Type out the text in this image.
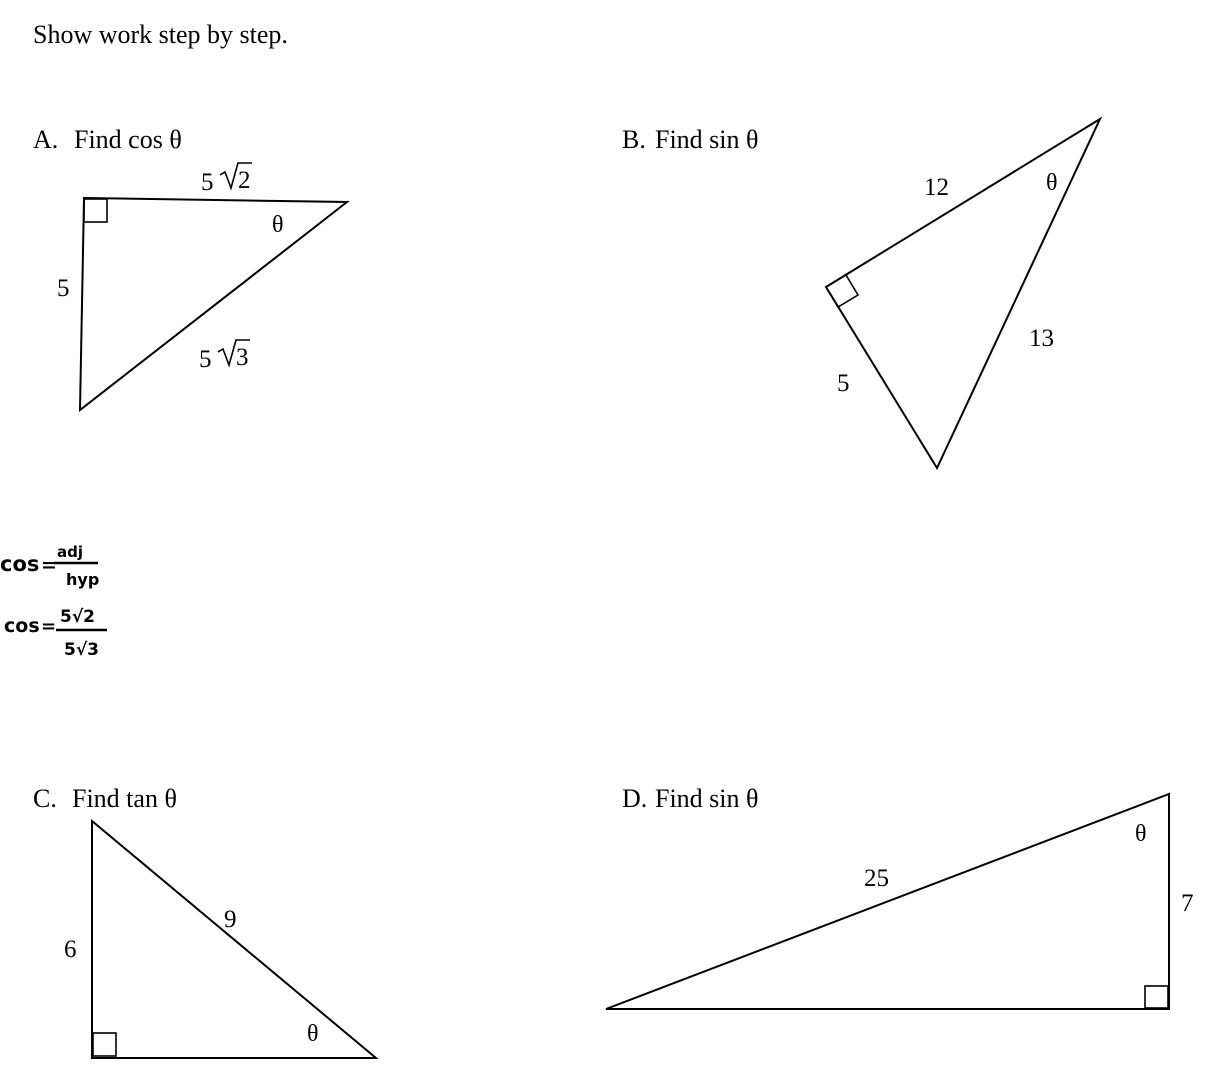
Show work step by step.
A. Find cos θ
5 2
θ
5
5 3
B. Find sin θ
12	θ
13
5
cos =
adj
hyp
cos = 5√2
5√3
C. Find tan θ
6
9
θ
D. Find sin θ
25
θ
7
